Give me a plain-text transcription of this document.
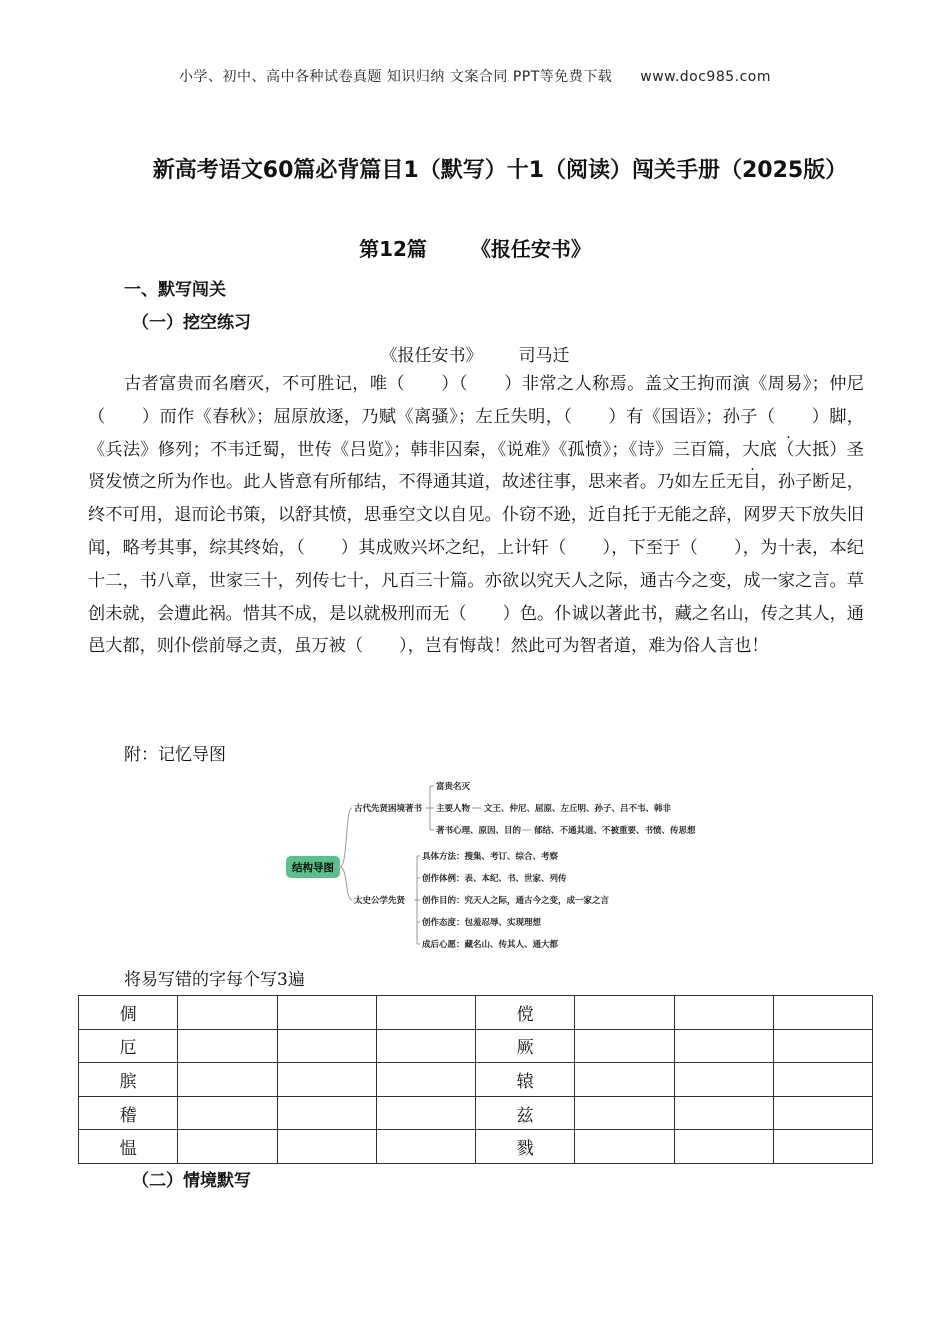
小学、初中、高中各种试卷真题 知识归纳 文案合同 PPT等免费下载 www.doc985.com
新高考语文60篇必背篇目1（默写）十1（阅读）闯关手册（2025版）
第12篇 《报任安书》
一、默写闯关
（一）挖空练习
《报任安书》 司马迁
古者富贵而名磨灭，不可胜记，唯（ ）（ ）非常之人称焉。盖文王拘而演《周易》；仲尼（ ）而作《春秋》；屈原放逐，乃赋《离骚》；左丘失明，（ ）有《国语》；孙子（ ）脚，《兵法》修列；不韦迁蜀，世传《吕览》；韩非囚秦，《说难》《孤愤》；《诗》三百篇，· · 大底（大抵）圣贤发愤之所为作也。此人皆意有所郁结，不得通其道，故述往事，思来者。乃如左丘无目，孙子断足，终不可用，退而论书策，以舒其愤，思垂空文以自见。仆窃不逊，近自托于无能之辞，网罗天下放失旧闻，略考其事，综其终始，（ ）其成败兴坏之纪，上计轩（ ），下至于（ ），为十表，本纪十二，书八章，世家三十，列传七十，凡百三十篇。亦欲以究天人之际，通古今之变，成一家之言。草创未就，会遭此祸。惜其不成，是以就极刑而无（ ）色。仆诚以著此书，藏之名山，传之其人，通邑大都，则仆偿前辱之责，虽万被（ ），岂有悔哉！然此可为智者道，难为俗人言也！
附：记忆导图
结构导图
古代先贤困境著书
富贵名灭
主要人物 文王、仲尼、屈原、左丘明、孙子、吕不韦、韩非
著书心理、原因、目的 郁结、不通其道、不被重要、书愤、传思想
太史公学先贤
具体方法：搜集、考订、综合、考察
创作体例：表、本纪、书、世家、列传
创作目的：究天人之际，通古今之变，成一家之言
创作态度：包羞忍辱、实现理想
成后心愿：藏名山、传其人、通大都
将易写错的字每个写3遍
倜				傥			
厄				厥			
膑				辕			
稽				兹			
愠				戮			
（二）情境默写
